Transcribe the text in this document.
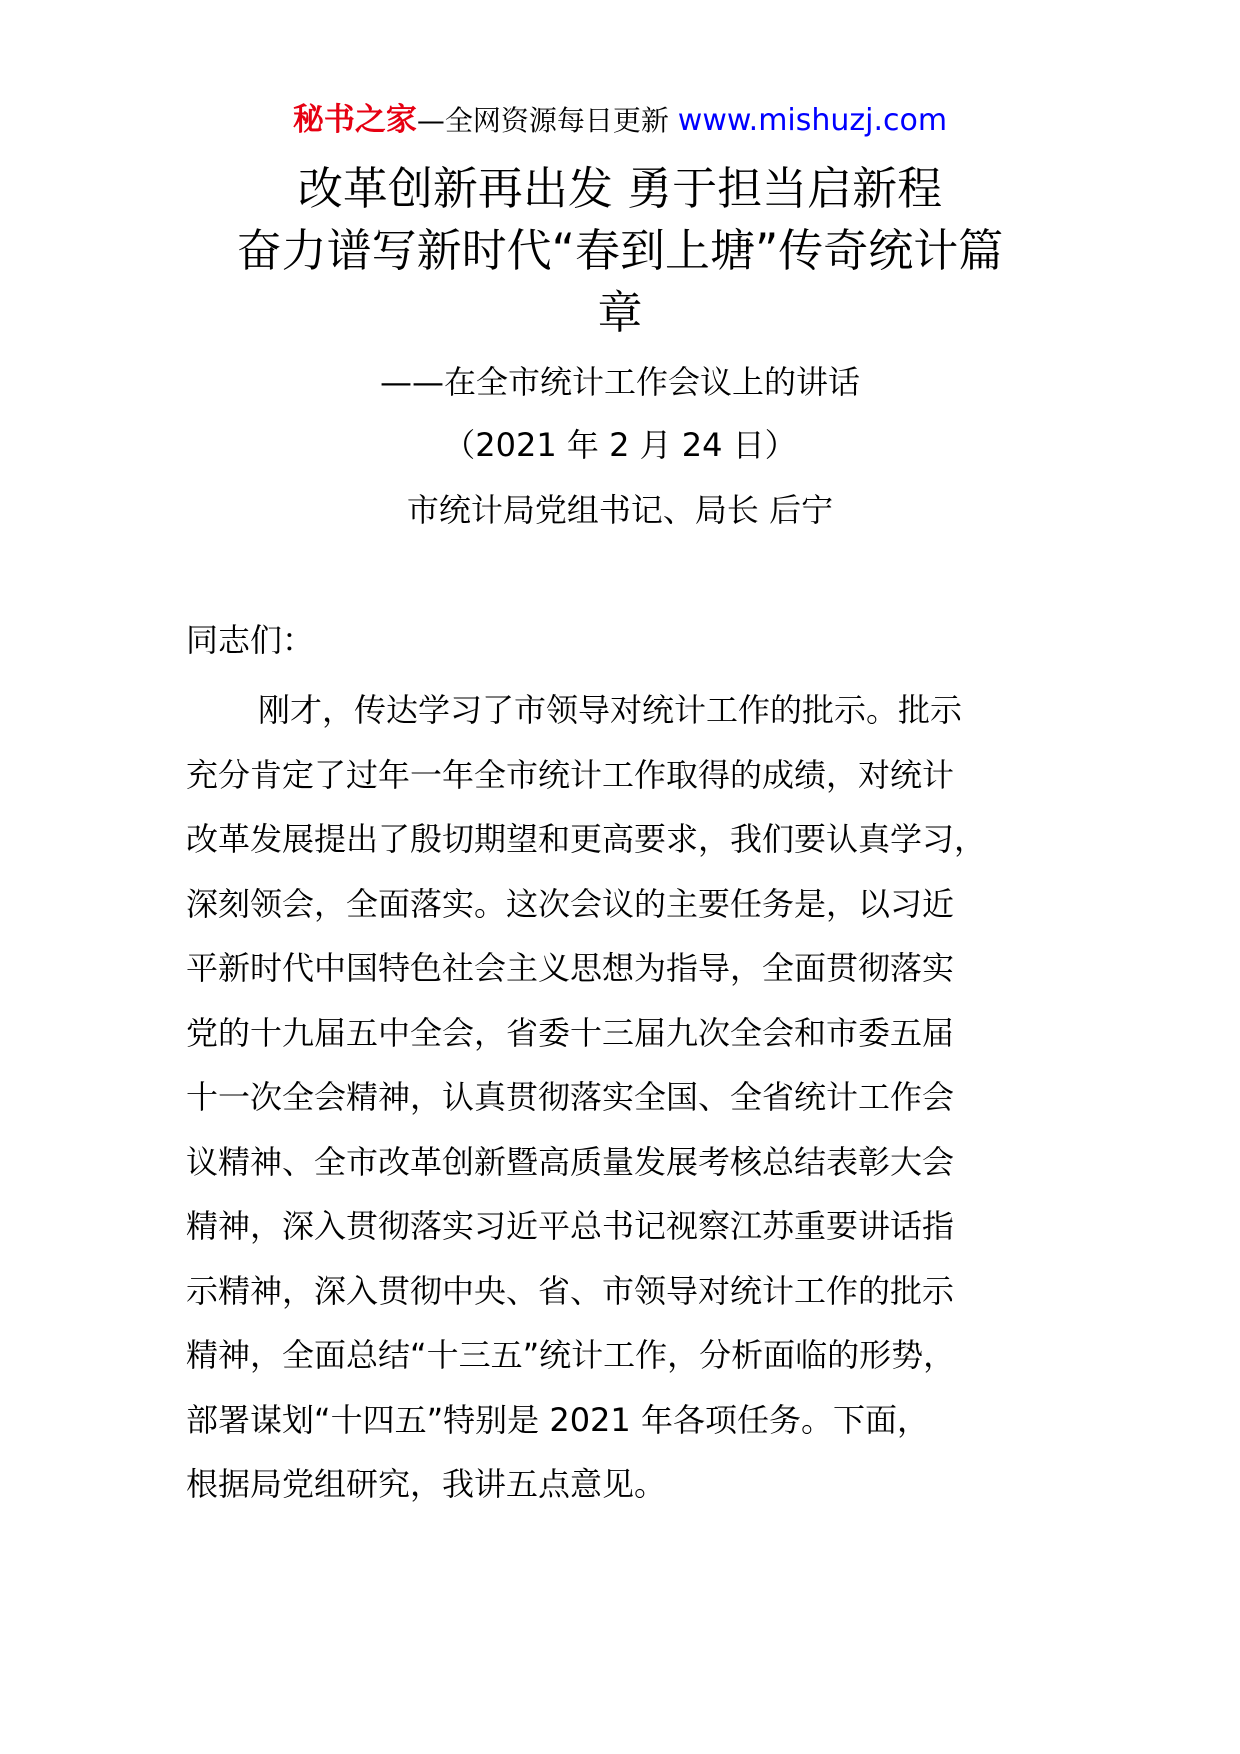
秘书之家—全网资源每日更新 www.mishuzj.com
改革创新再出发 勇于担当启新程
奋力谱写新时代“春到上塘”传奇统计篇
章
——在全市统计工作会议上的讲话
（2021 年 2 月 24 日）
市统计局党组书记、局长 后宁
同志们：
刚才，传达学习了市领导对统计工作的批示。批示
充分肯定了过年一年全市统计工作取得的成绩，对统计
改革发展提出了殷切期望和更高要求，我们要认真学习，
深刻领会，全面落实。这次会议的主要任务是，以习近
平新时代中国特色社会主义思想为指导，全面贯彻落实
党的十九届五中全会，省委十三届九次全会和市委五届
十一次全会精神，认真贯彻落实全国、全省统计工作会
议精神、全市改革创新暨高质量发展考核总结表彰大会
精神，深入贯彻落实习近平总书记视察江苏重要讲话指
示精神，深入贯彻中央、省、市领导对统计工作的批示
精神，全面总结“十三五”统计工作，分析面临的形势，
部署谋划“十四五”特别是 2021 年各项任务。下面，
根据局党组研究，我讲五点意见。
